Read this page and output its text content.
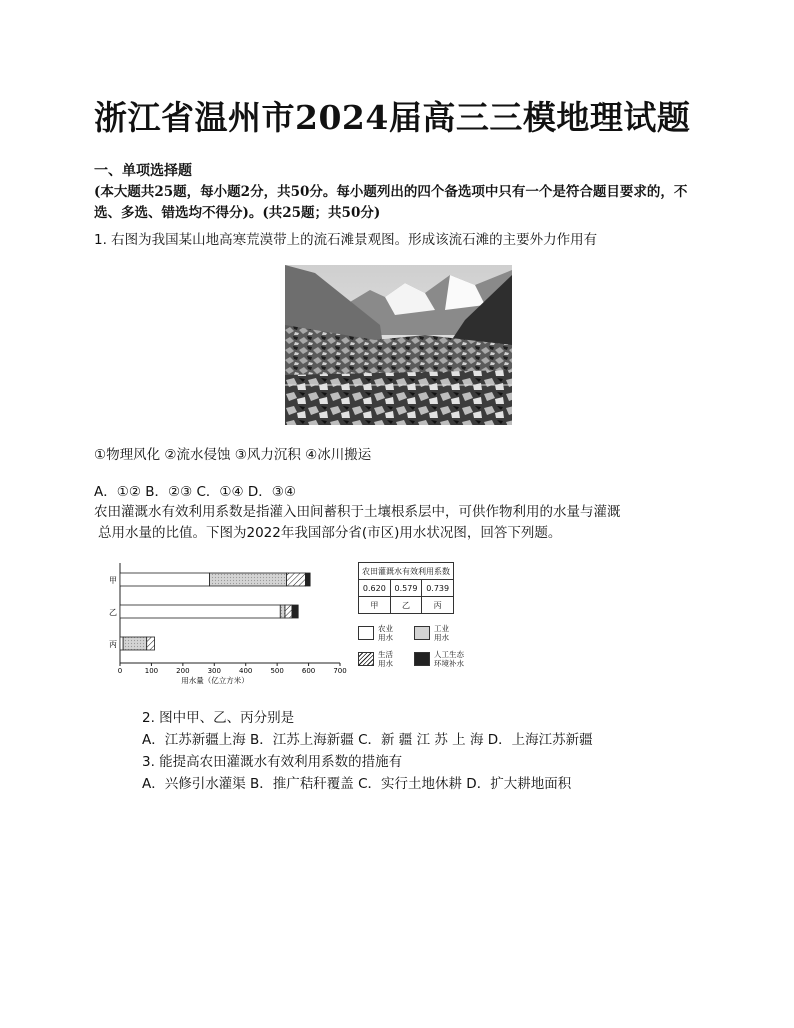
浙江省温州市2024届高三三模地理试题
一、单项选择题
(本大题共25题，每小题2分，共50分。每小题列出的四个备选项中只有一个是符合题目要求的，不选、多选、错选均不得分)。(共25题；共50分)
1. 右图为我国某山地高寒荒漠带上的流石滩景观图。形成该流石滩的主要外力作用有
①物理风化 ②流水侵蚀 ③风力沉积 ④冰川搬运
A．①② B．②③ C．①④ D．③④
农田灌溉水有效利用系数是指灌入田间蓄积于土壤根系层中，可供作物利用的水量与灌溉
总用水量的比值。下图为2022年我国部分省(市区)用水状况图，回答下列题。
0	100	200	300	400	500	600	700
甲
乙
丙
用水量（亿立方米）
农田灌溉水有效利用系数		
0.620	0.579	0.739
甲	乙	丙
农业
用水
工业
用水
生活
用水
人工生态
环境补水
2. 图中甲、乙、丙分别是
A．江苏新疆上海 B．江苏上海新疆 C．新 疆 江 苏 上 海 D．上海江苏新疆
3. 能提高农田灌溉水有效利用系数的措施有
A．兴修引水灌渠 B．推广秸秆覆盖 C．实行土地休耕 D．扩大耕地面积
